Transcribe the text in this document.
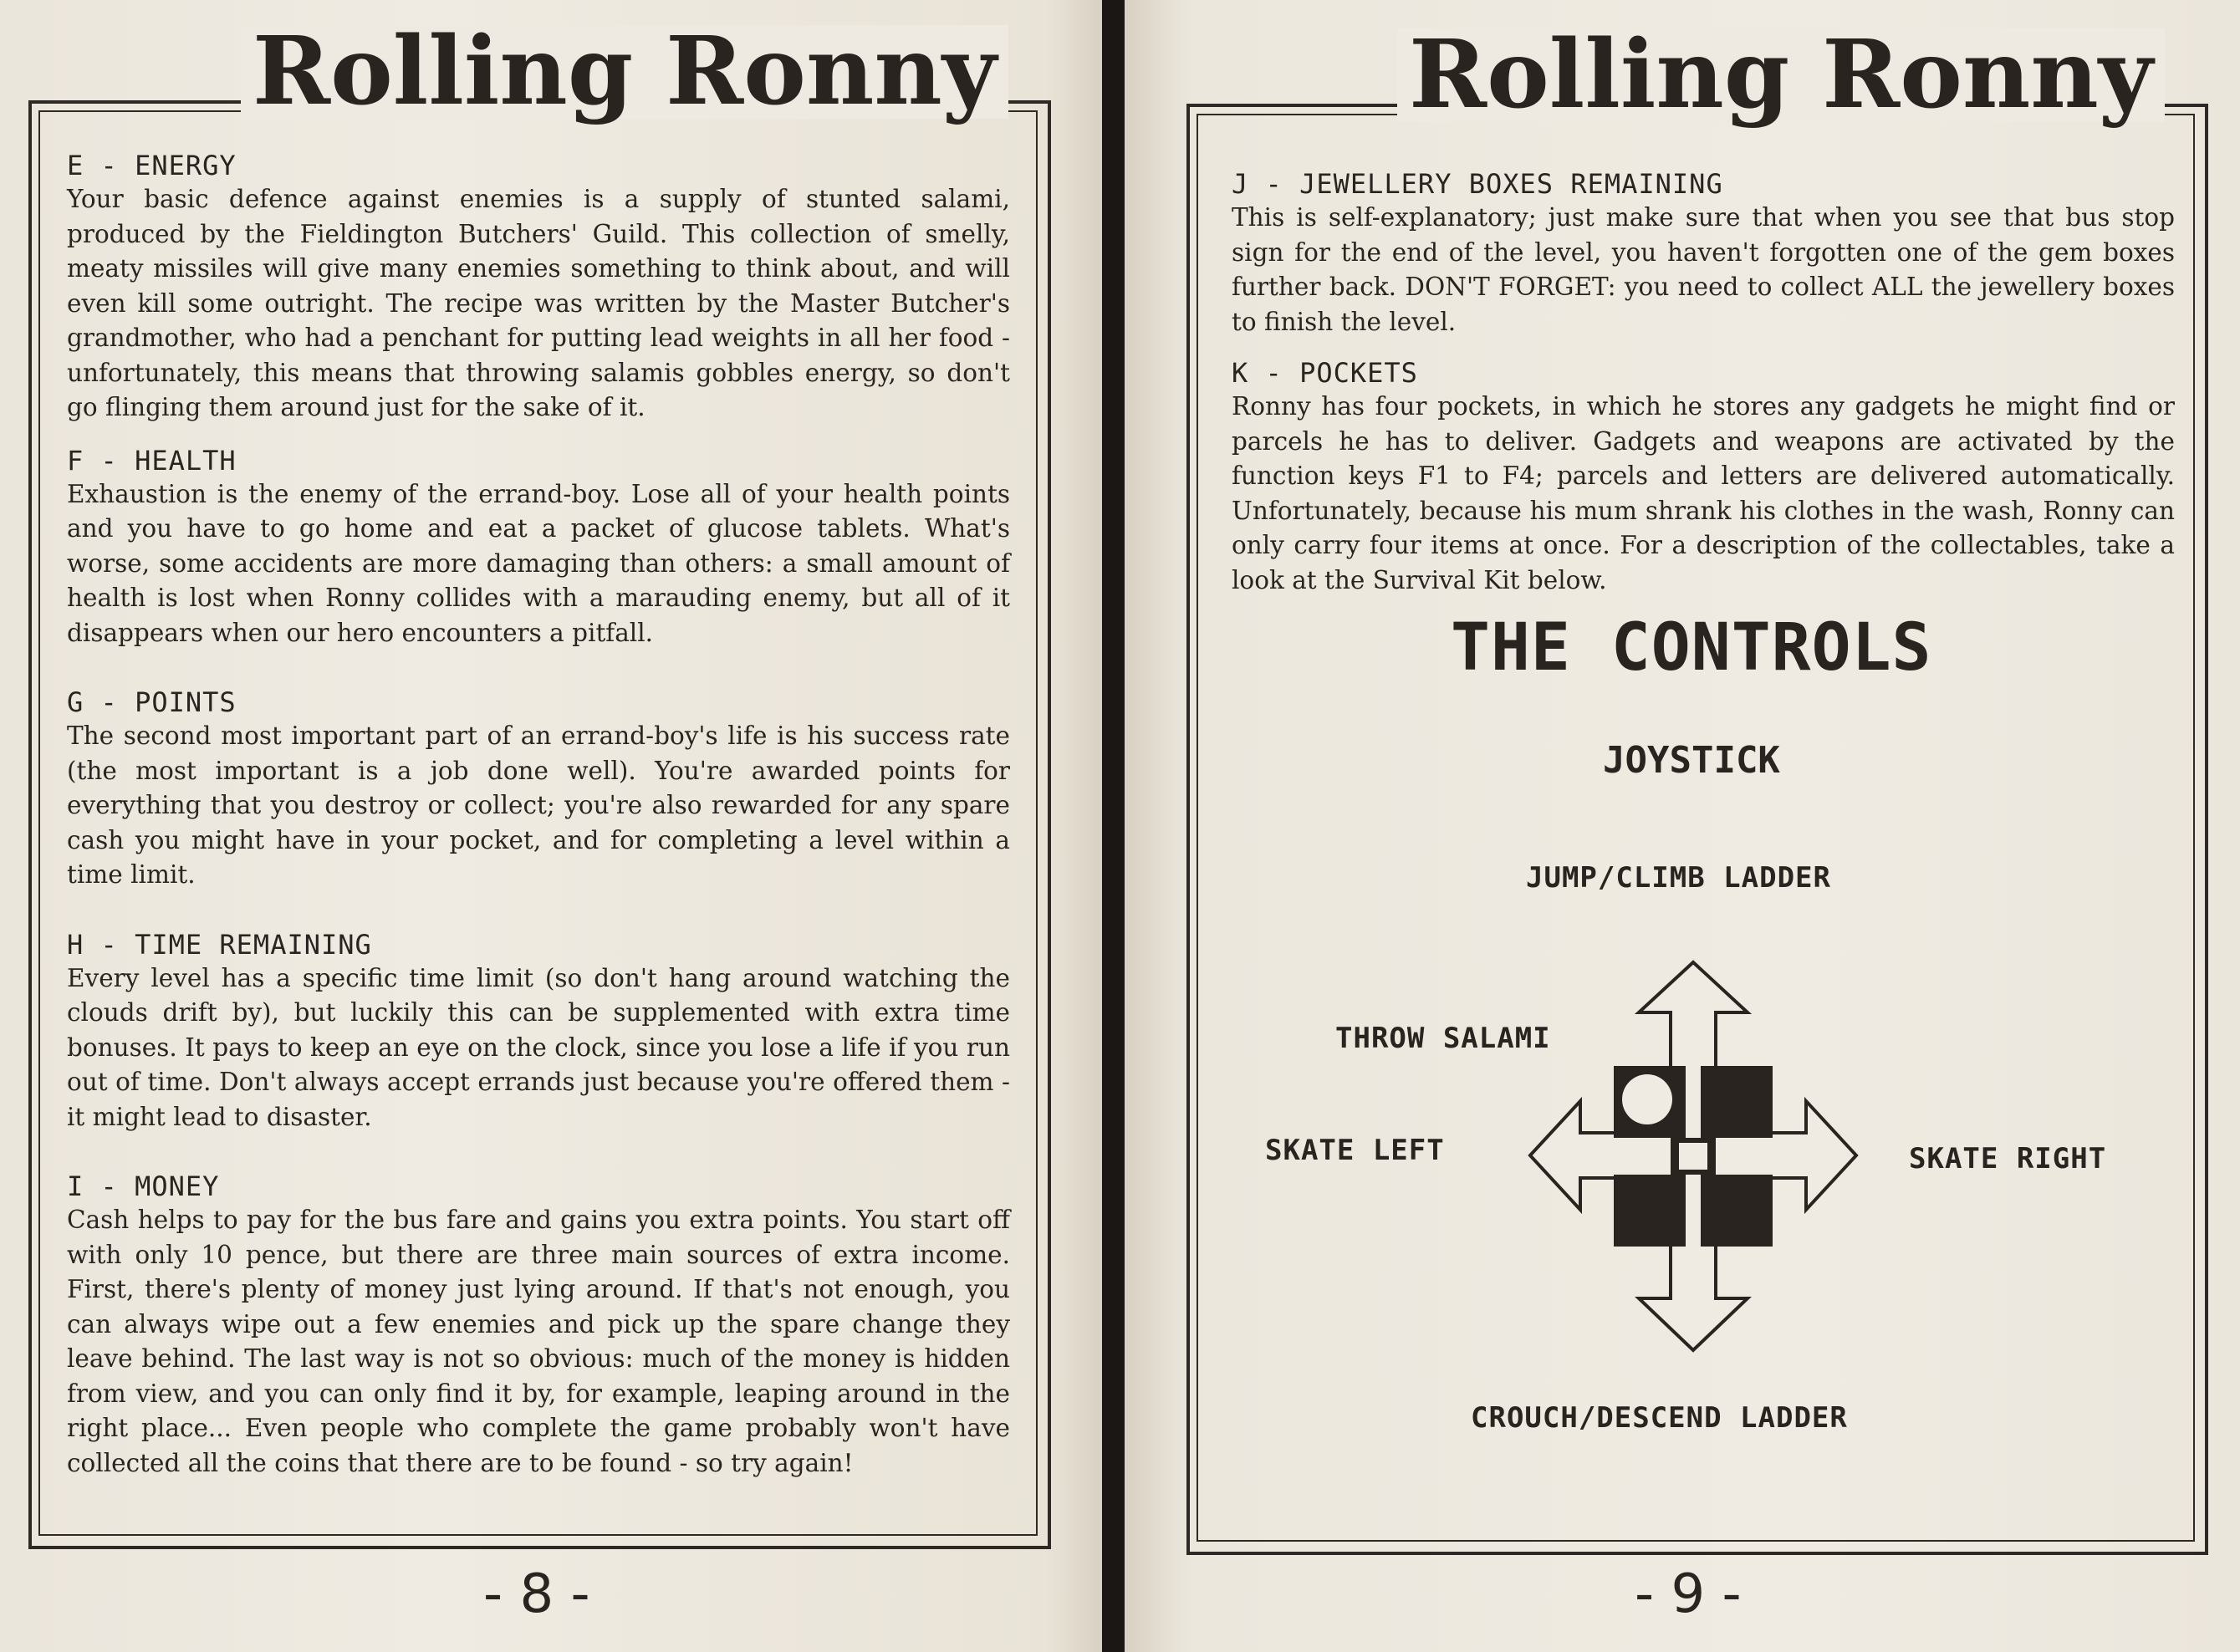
Rolling Ronny
E - ENERGY

Your basic defence against enemies is a supply of stunted salami, produced by the Fieldington Butchers' Guild. This collection of smelly, meaty missiles will give many enemies something to think about, and will even kill some outright. The recipe was written by the Master Butcher's grandmother, who had a penchant for putting lead weights in all her food - unfortunately, this means that throwing salamis gobbles energy, so don't go flinging them around just for the sake of it.

F - HEALTH

Exhaustion is the enemy of the errand-boy. Lose all of your health points and you have to go home and eat a packet of glucose tablets. What's worse, some accidents are more damaging than others: a small amount of health is lost when Ronny collides with a marauding enemy, but all of it disappears when our hero encounters a pitfall.

G - POINTS

The second most important part of an errand-boy's life is his success rate (the most important is a job done well). You're awarded points for everything that you destroy or collect; you're also rewarded for any spare cash you might have in your pocket, and for completing a level within a time limit.

H - TIME REMAINING

Every level has a specific time limit (so don't hang around watching the clouds drift by), but luckily this can be supplemented with extra time bonuses. It pays to keep an eye on the clock, since you lose a life if you run out of time. Don't always accept errands just because you're offered them - it might lead to disaster.

I - MONEY

Cash helps to pay for the bus fare and gains you extra points. You start off with only 10 pence, but there are three main sources of extra income. First, there's plenty of money just lying around. If that's not enough, you can always wipe out a few enemies and pick up the spare change they leave behind. The last way is not so obvious: much of the money is hidden from view, and you can only find it by, for example, leaping around in the right place... Even people who complete the game probably won't have collected all the coins that there are to be found - so try again!

- 8 -
Rolling Ronny
J - JEWELLERY BOXES REMAINING

This is self-explanatory; just make sure that when you see that bus stop sign for the end of the level, you haven't forgotten one of the gem boxes further back. DON'T FORGET: you need to collect ALL the jewellery boxes to finish the level.

K - POCKETS

Ronny has four pockets, in which he stores any gadgets he might find or parcels he has to deliver. Gadgets and weapons are activated by the function keys F1 to F4; parcels and letters are delivered automatically. Unfortunately, because his mum shrank his clothes in the wash, Ronny can only carry four items at once. For a description of the collectables, take a look at the Survival Kit below.

THE CONTROLS
JOYSTICK
JUMP/CLIMB LADDER
THROW SALAMI
SKATE LEFT	SKATE RIGHT
CROUCH/DESCEND LADDER
- 9 -
